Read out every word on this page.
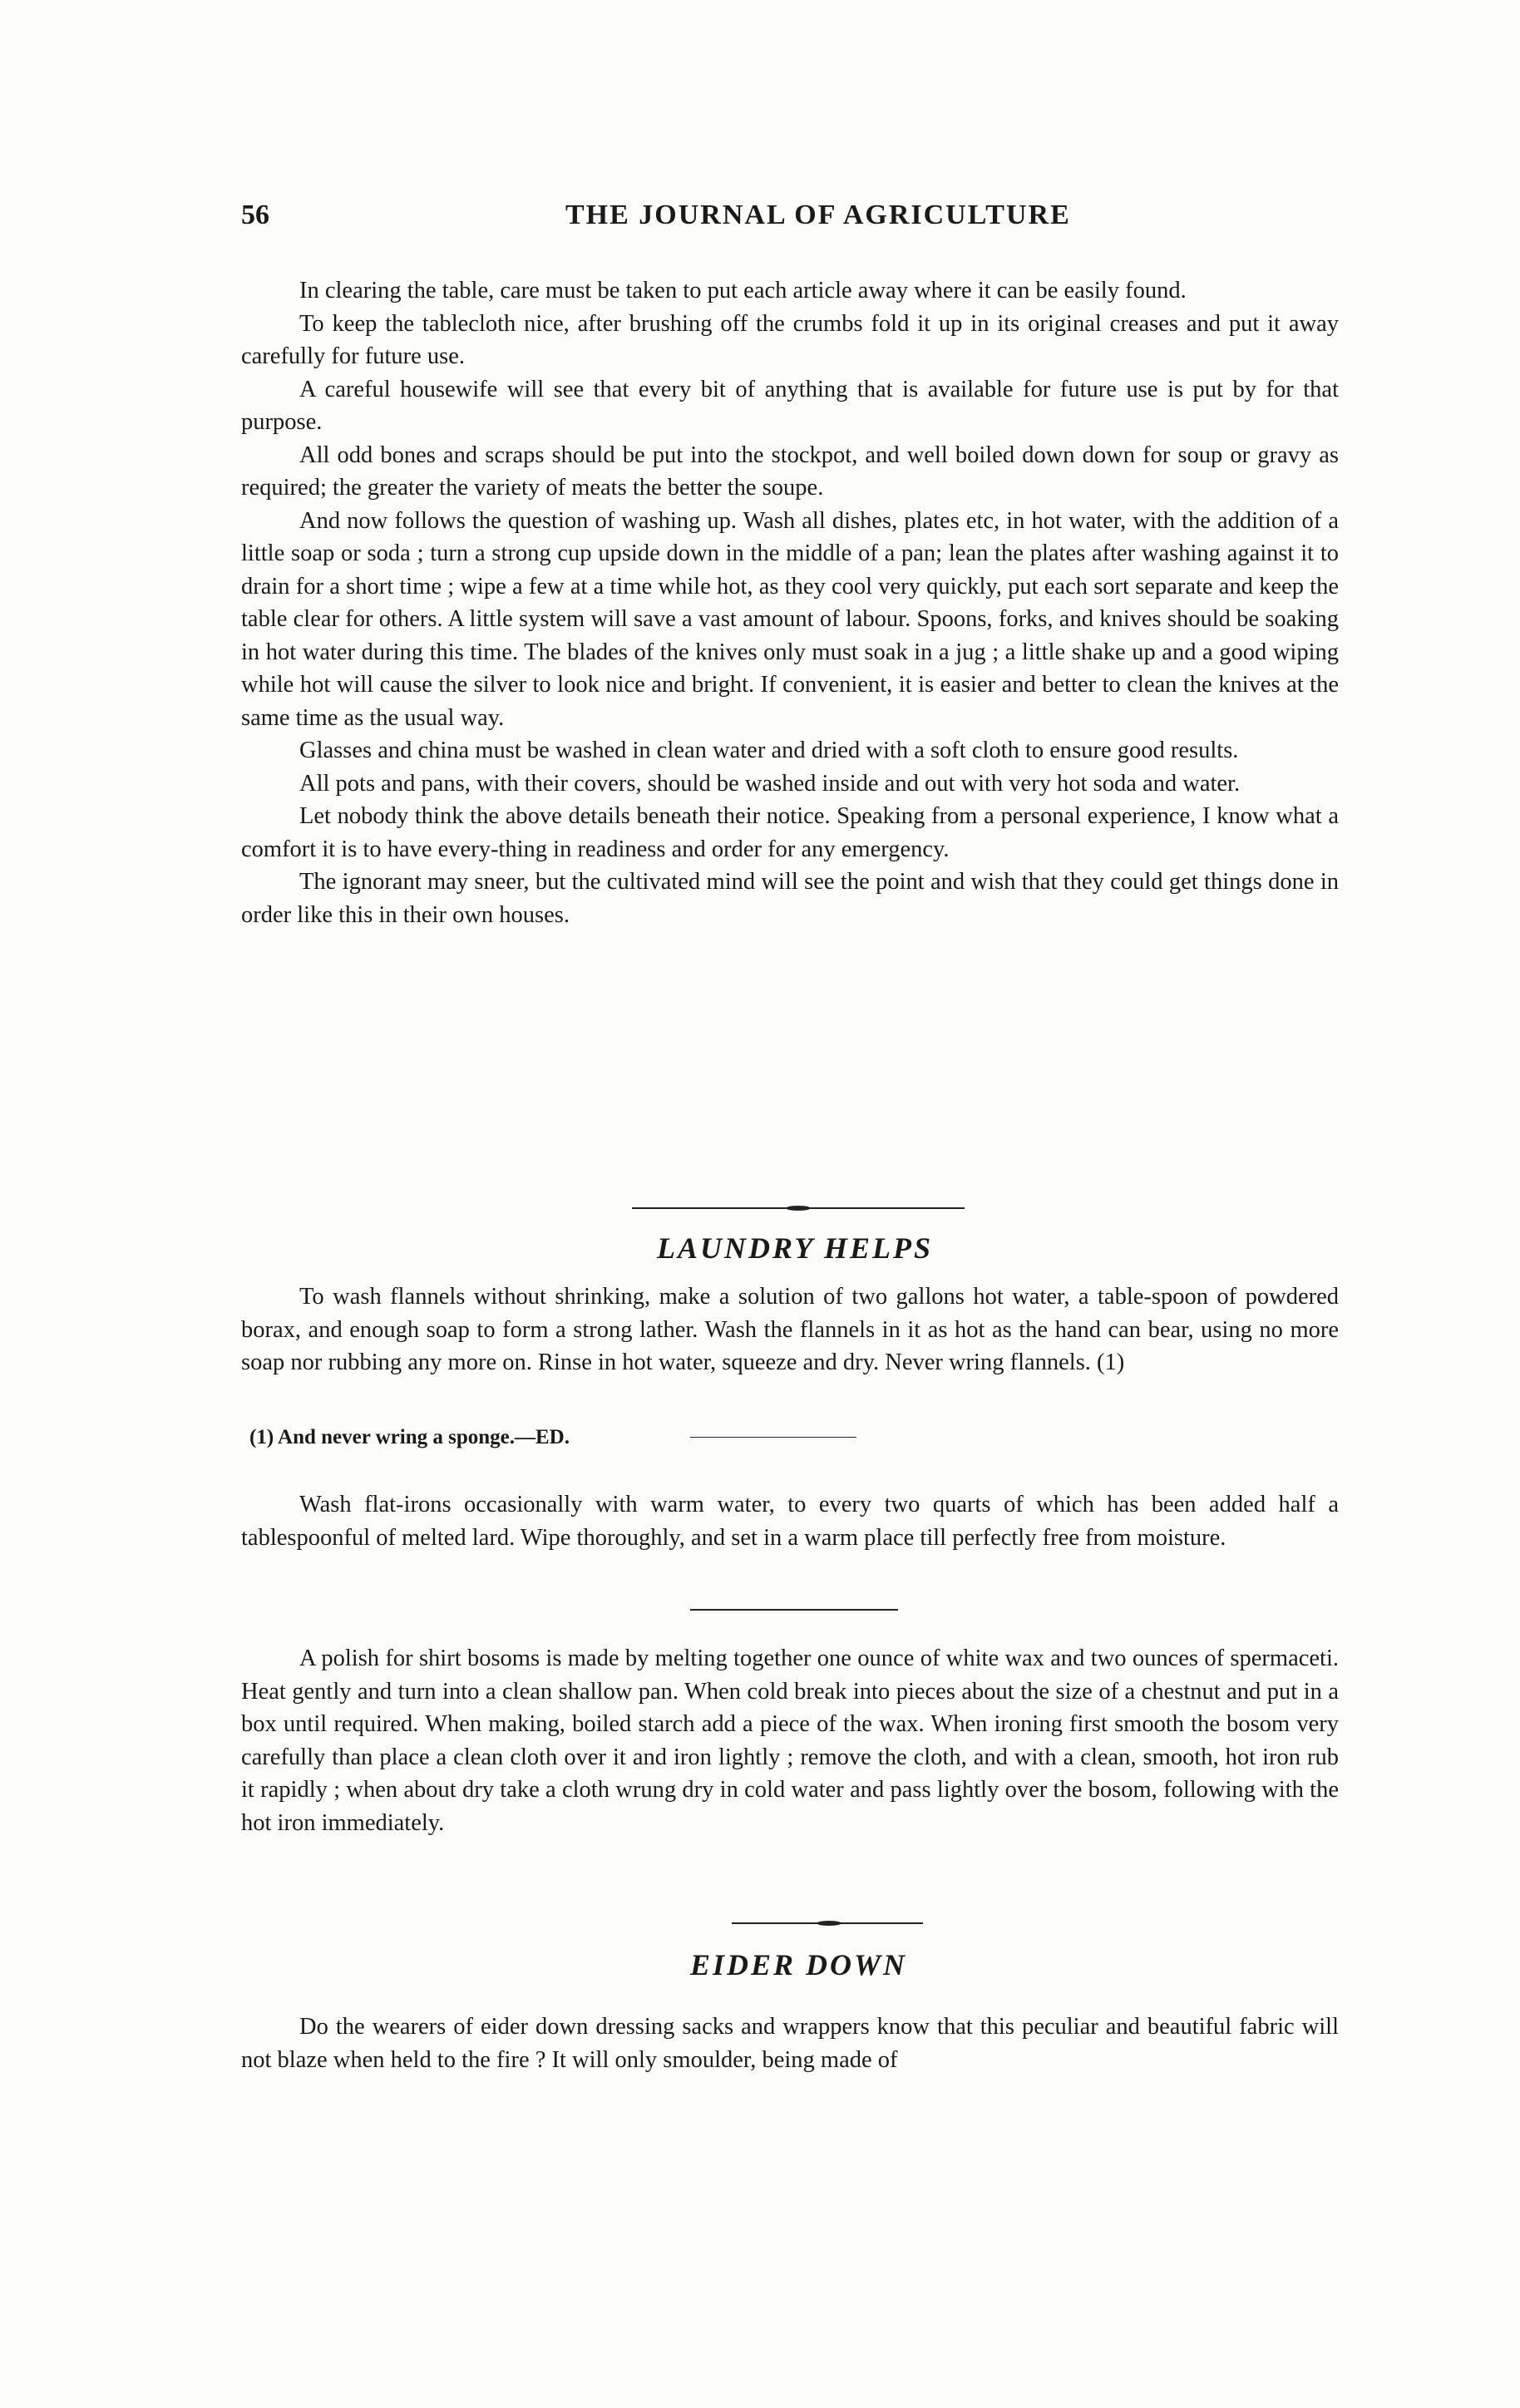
56	THE JOURNAL OF AGRICULTURE

In clearing the table, care must be taken to put each article away where it can be easily found.

To keep the tablecloth nice, after brushing off the crumbs fold it up in its original creases and put it away carefully for future use.

A careful housewife will see that every bit of anything that is available for future use is put by for that purpose.

All odd bones and scraps should be put into the stockpot, and well boiled down down for soup or gravy as required; the greater the variety of meats the better the soupe.

And now follows the question of washing up. Wash all dishes, plates etc, in hot water, with the addition of a little soap or soda ; turn a strong cup upside down in the middle of a pan; lean the plates after washing against it to drain for a short time ; wipe a few at a time while hot, as they cool very quickly, put each sort separate and keep the table clear for others. A little system will save a vast amount of labour. Spoons, forks, and knives should be soaking in hot water during this time. The blades of the knives only must soak in a jug ; a little shake up and a good wiping while hot will cause the silver to look nice and bright. If convenient, it is easier and better to clean the knives at the same time as the usual way.

Glasses and china must be washed in clean water and dried with a soft cloth to ensure good results.

All pots and pans, with their covers, should be washed inside and out with very hot soda and water.

Let nobody think the above details beneath their notice. Speaking from a personal experience, I know what a comfort it is to have every-thing in readiness and order for any emergency.

The ignorant may sneer, but the cultivated mind will see the point and wish that they could get things done in order like this in their own houses.

LAUNDRY HELPS

To wash flannels without shrinking, make a solution of two gallons hot water, a table-spoon of powdered borax, and enough soap to form a strong lather. Wash the flannels in it as hot as the hand can bear, using no more soap nor rubbing any more on. Rinse in hot water, squeeze and dry. Never wring flannels. (1)

(1) And never wring a sponge.—ED.

Wash flat-irons occasionally with warm water, to every two quarts of which has been added half a tablespoonful of melted lard. Wipe thoroughly, and set in a warm place till perfectly free from moisture.

A polish for shirt bosoms is made by melting together one ounce of white wax and two ounces of spermaceti. Heat gently and turn into a clean shallow pan. When cold break into pieces about the size of a chestnut and put in a box until required. When making, boiled starch add a piece of the wax. When ironing first smooth the bosom very carefully than place a clean cloth over it and iron lightly ; remove the cloth, and with a clean, smooth, hot iron rub it rapidly ; when about dry take a cloth wrung dry in cold water and pass lightly over the bosom, following with the hot iron immediately.

EIDER DOWN

Do the wearers of eider down dressing sacks and wrappers know that this peculiar and beautiful fabric will not blaze when held to the fire ? It will only smoulder, being made of
